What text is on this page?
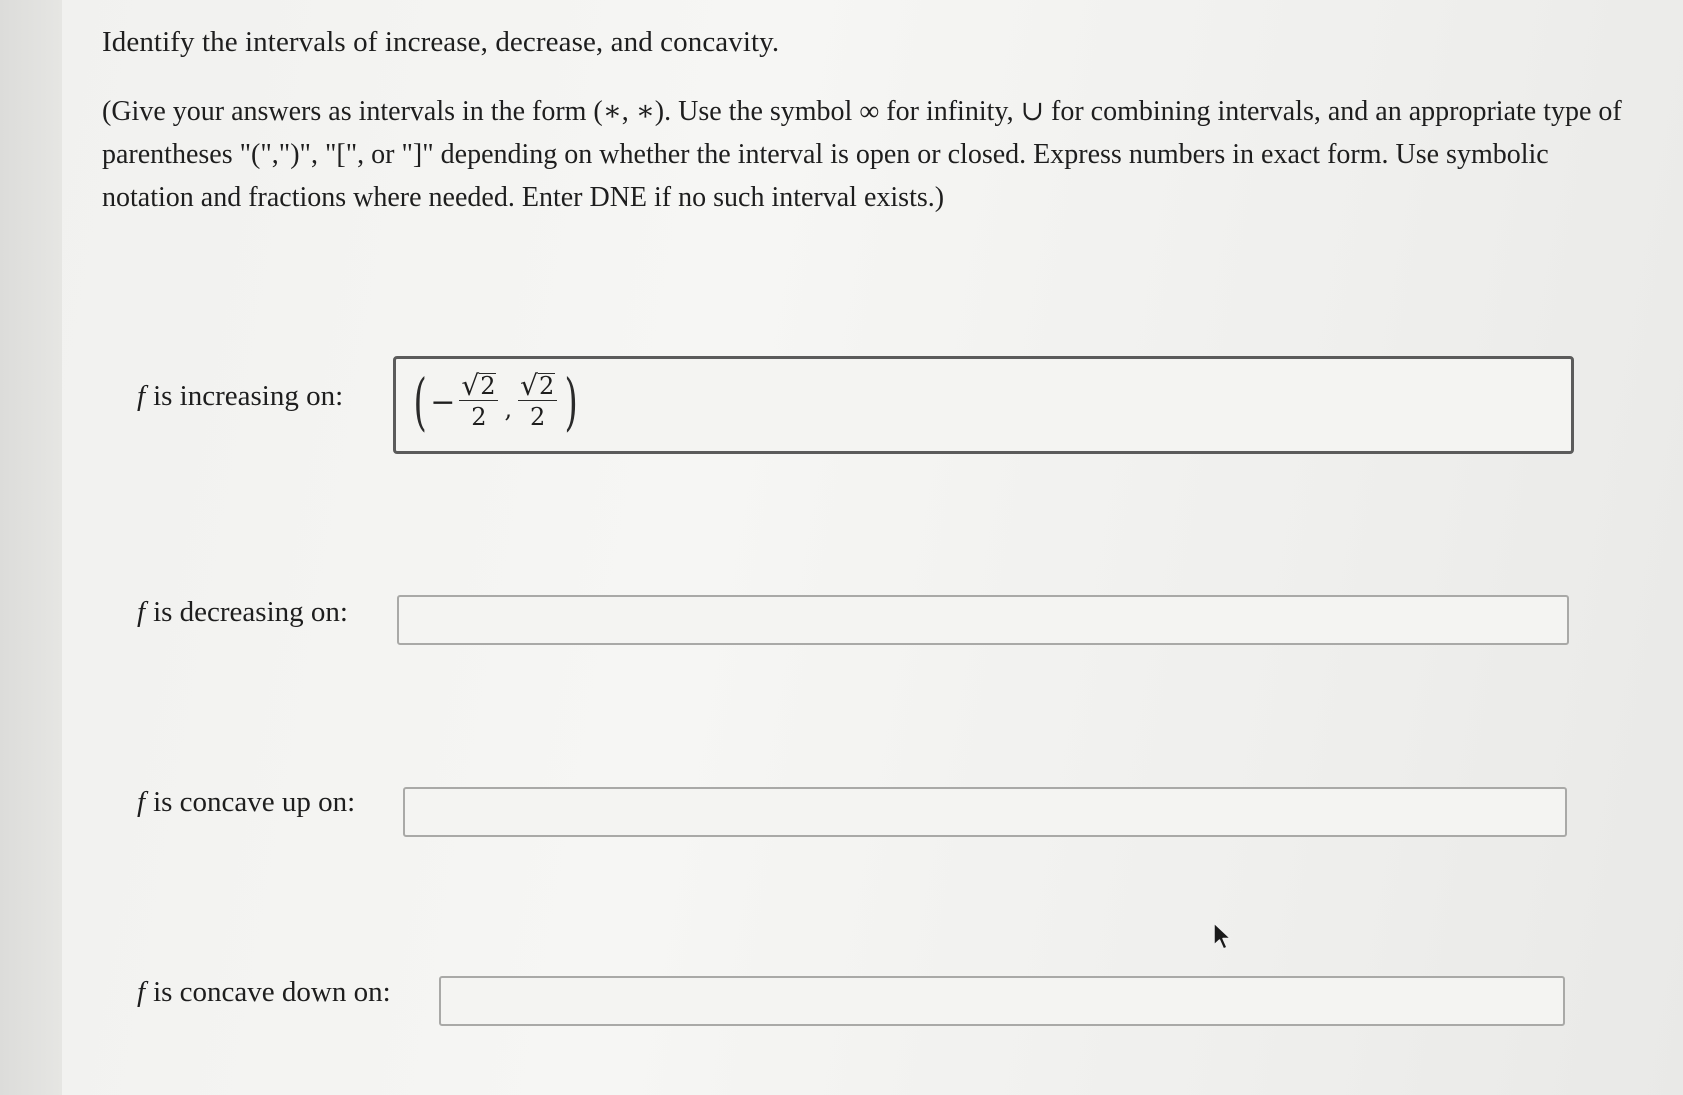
Identify the intervals of increase, decrease, and concavity.
(Give your answers as intervals in the form (∗, ∗). Use the symbol ∞ for infinity, ∪ for combining intervals, and an appropriate type of parentheses "(",")", "[", or "]" depending on whether the interval is open or closed. Express numbers in exact form. Use symbolic notation and fractions where needed. Enter DNE if no such interval exists.)
f is increasing on: ( − $\frac{√ 2}{2}$ , $\frac{√ 2}{2}$ )
f is decreasing on:
f is concave up on:
f is concave down on:
